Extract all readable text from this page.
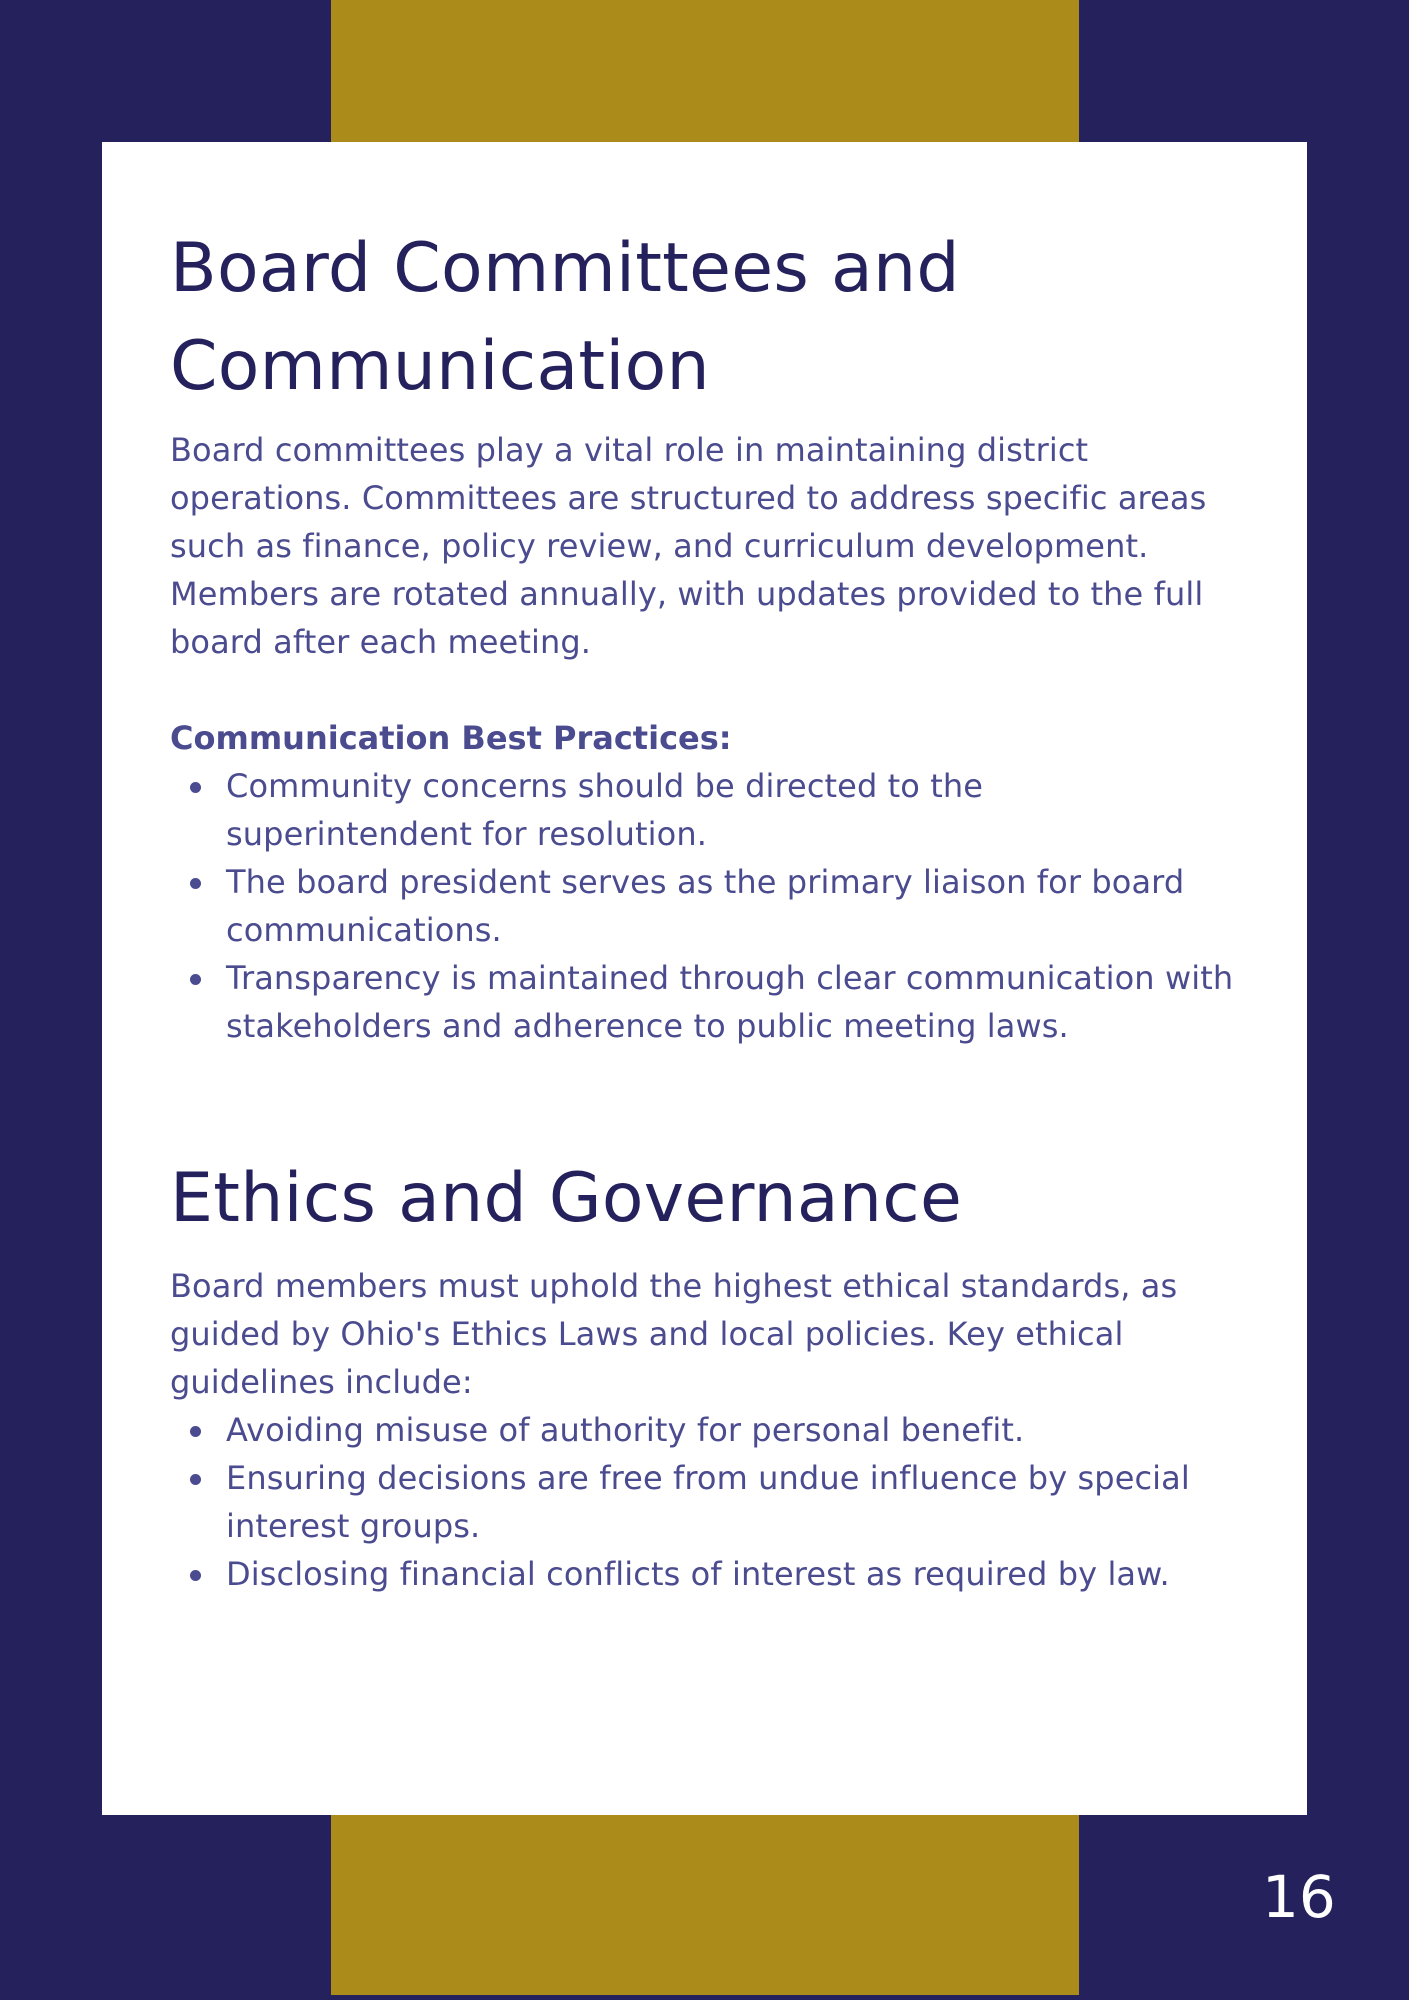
Board Committees and Communication

Board committees play a vital role in maintaining district operations. Committees are structured to address specific areas such as finance, policy review, and curriculum development. Members are rotated annually, with updates provided to the full board after each meeting.

Communication Best Practices:
Community concerns should be directed to the superintendent for resolution.
The board president serves as the primary liaison for board communications.
Transparency is maintained through clear communication with stakeholders and adherence to public meeting laws.
Ethics and Governance

Board members must uphold the highest ethical standards, as guided by Ohio's Ethics Laws and local policies. Key ethical guidelines include:

Avoiding misuse of authority for personal benefit.
Ensuring decisions are free from undue influence by special interest groups.
Disclosing financial conflicts of interest as required by law.
16
